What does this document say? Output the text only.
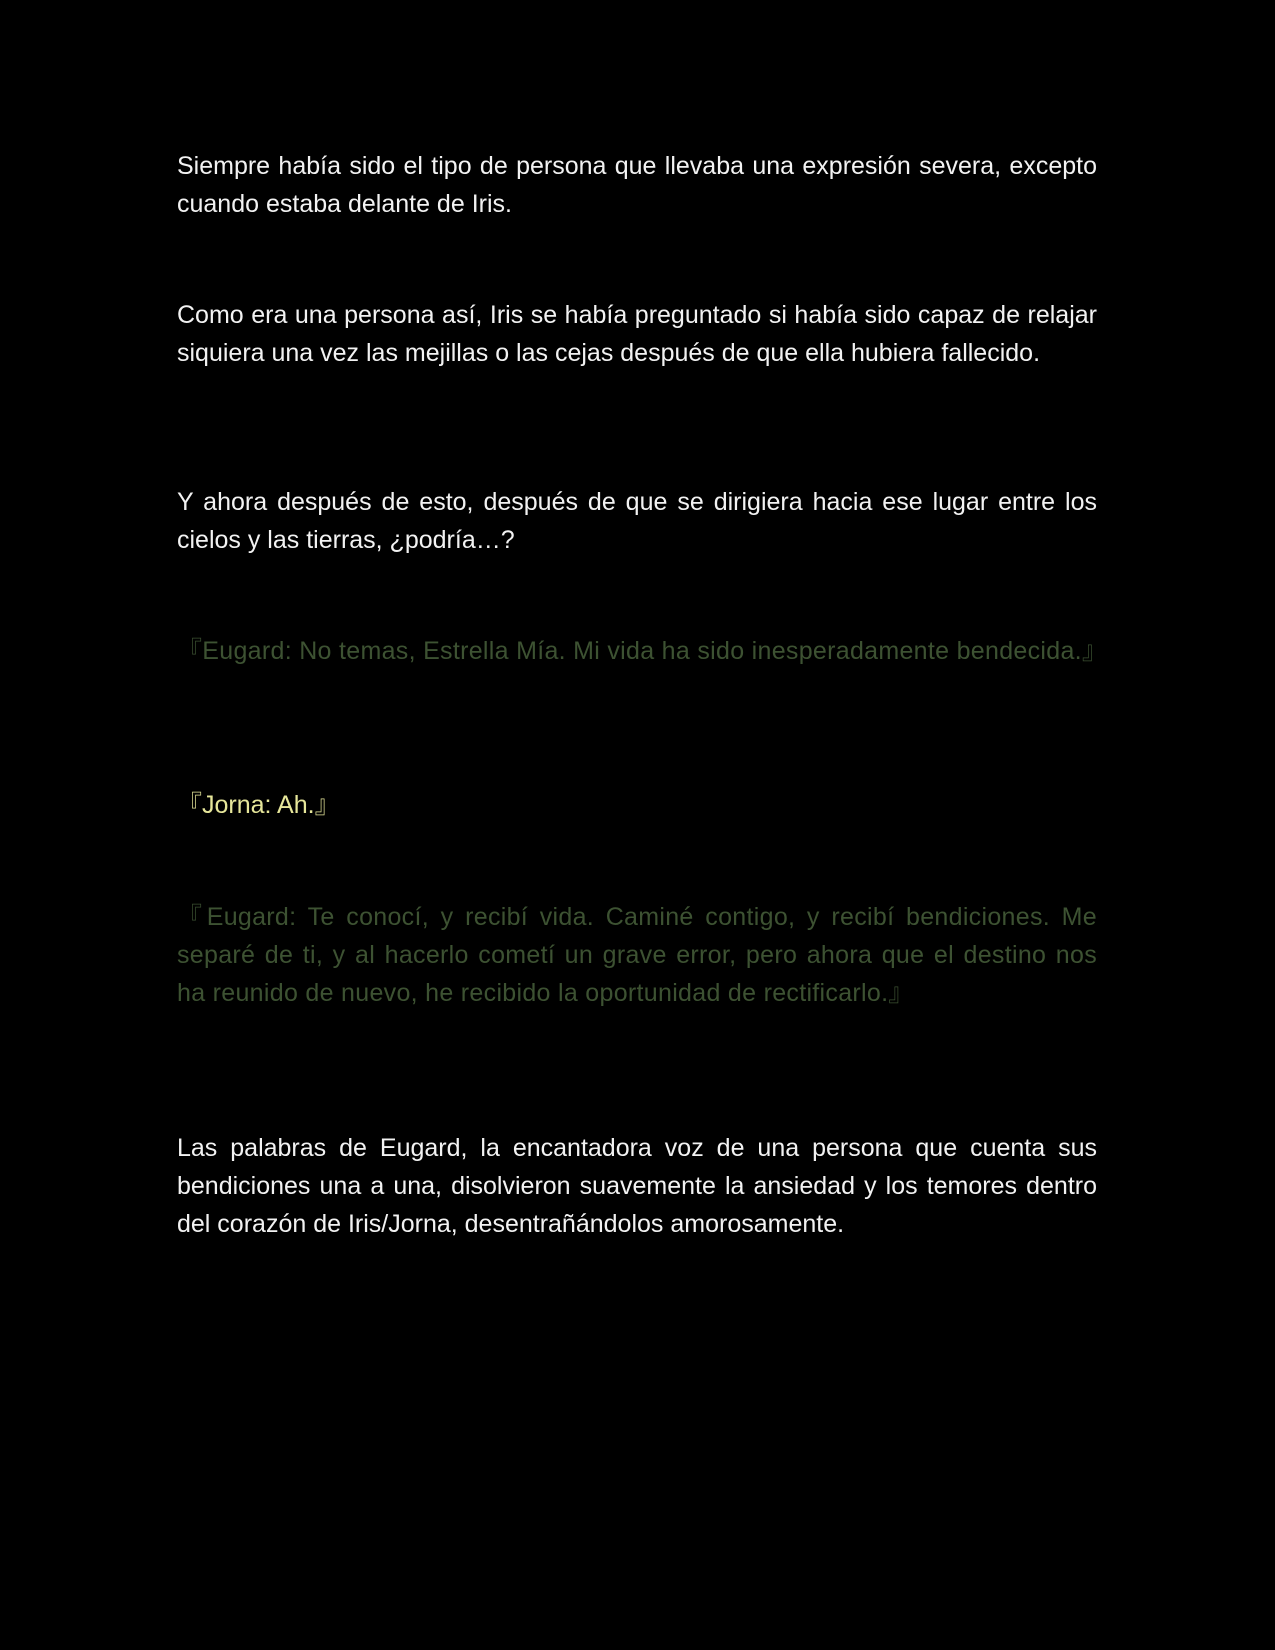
Siempre había sido el tipo de persona que llevaba una expresión severa, excepto cuando estaba delante de Iris.

Como era una persona así, Iris se había preguntado si había sido capaz de relajar siquiera una vez las mejillas o las cejas después de que ella hubiera fallecido.

Y ahora después de esto, después de que se dirigiera hacia ese lugar entre los cielos y las tierras, ¿podría…?

『Eugard: No temas, Estrella Mía. Mi vida ha sido inesperadamente bendecida.』

『Jorna: Ah.』

『Eugard: Te conocí, y recibí vida. Caminé contigo, y recibí bendiciones. Me separé de ti, y al hacerlo cometí un grave error, pero ahora que el destino nos ha reunido de nuevo, he recibido la oportunidad de rectificarlo.』

Las palabras de Eugard, la encantadora voz de una persona que cuenta sus bendiciones una a una, disolvieron suavemente la ansiedad y los temores dentro del corazón de Iris/Jorna, desentrañándolos amorosamente.
